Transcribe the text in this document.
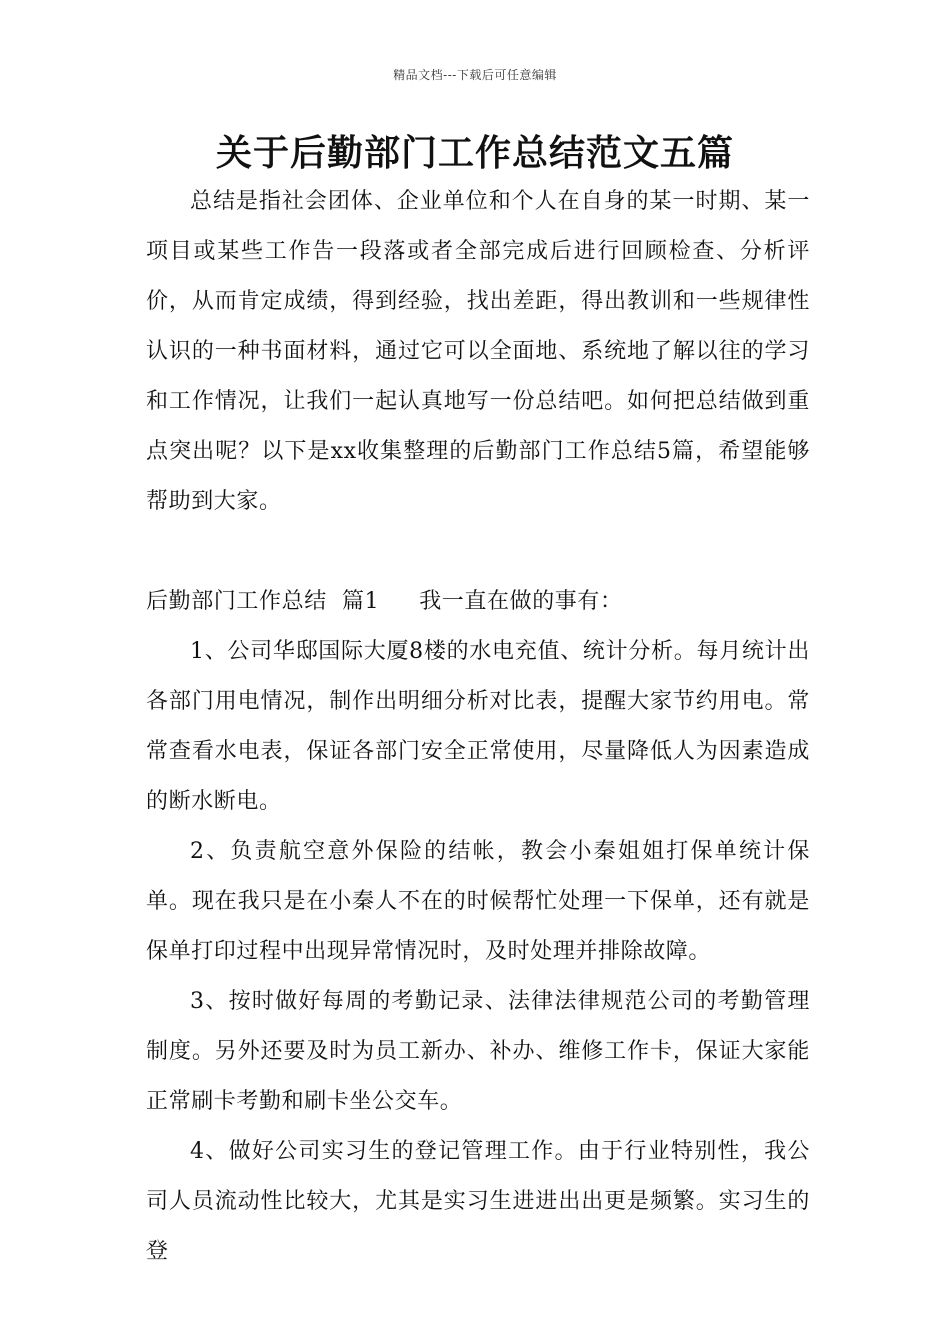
精品文档---下载后可任意编辑
关于后勤部门工作总结范文五篇

总结是指社会团体、企业单位和个人在自身的某一时期、某一项目或某些工作告一段落或者全部完成后进行回顾检查、分析评价，从而肯定成绩，得到经验，找出差距，得出教训和一些规律性认识的一种书面材料，通过它可以全面地、系统地了解以往的学习和工作情况，让我们一起认真地写一份总结吧。如何把总结做到重点突出呢？以下是xx收集整理的后勤部门工作总结5篇，希望能够帮助到大家。

后勤部门工作总结  篇1 我一直在做的事有：

1、公司华邸国际大厦8楼的水电充值、统计分析。每月统计出各部门用电情况，制作出明细分析对比表，提醒大家节约用电。常常查看水电表，保证各部门安全正常使用，尽量降低人为因素造成的断水断电。

2、负责航空意外保险的结帐，教会小秦姐姐打保单统计保单。现在我只是在小秦人不在的时候帮忙处理一下保单，还有就是保单打印过程中出现异常情况时，及时处理并排除故障。

3、按时做好每周的考勤记录、法律法律规范公司的考勤管理制度。另外还要及时为员工新办、补办、维修工作卡，保证大家能正常刷卡考勤和刷卡坐公交车。

4、做好公司实习生的登记管理工作。由于行业特别性，我公司人员流动性比较大，尤其是实习生进进出出更是频繁。实习生的登
